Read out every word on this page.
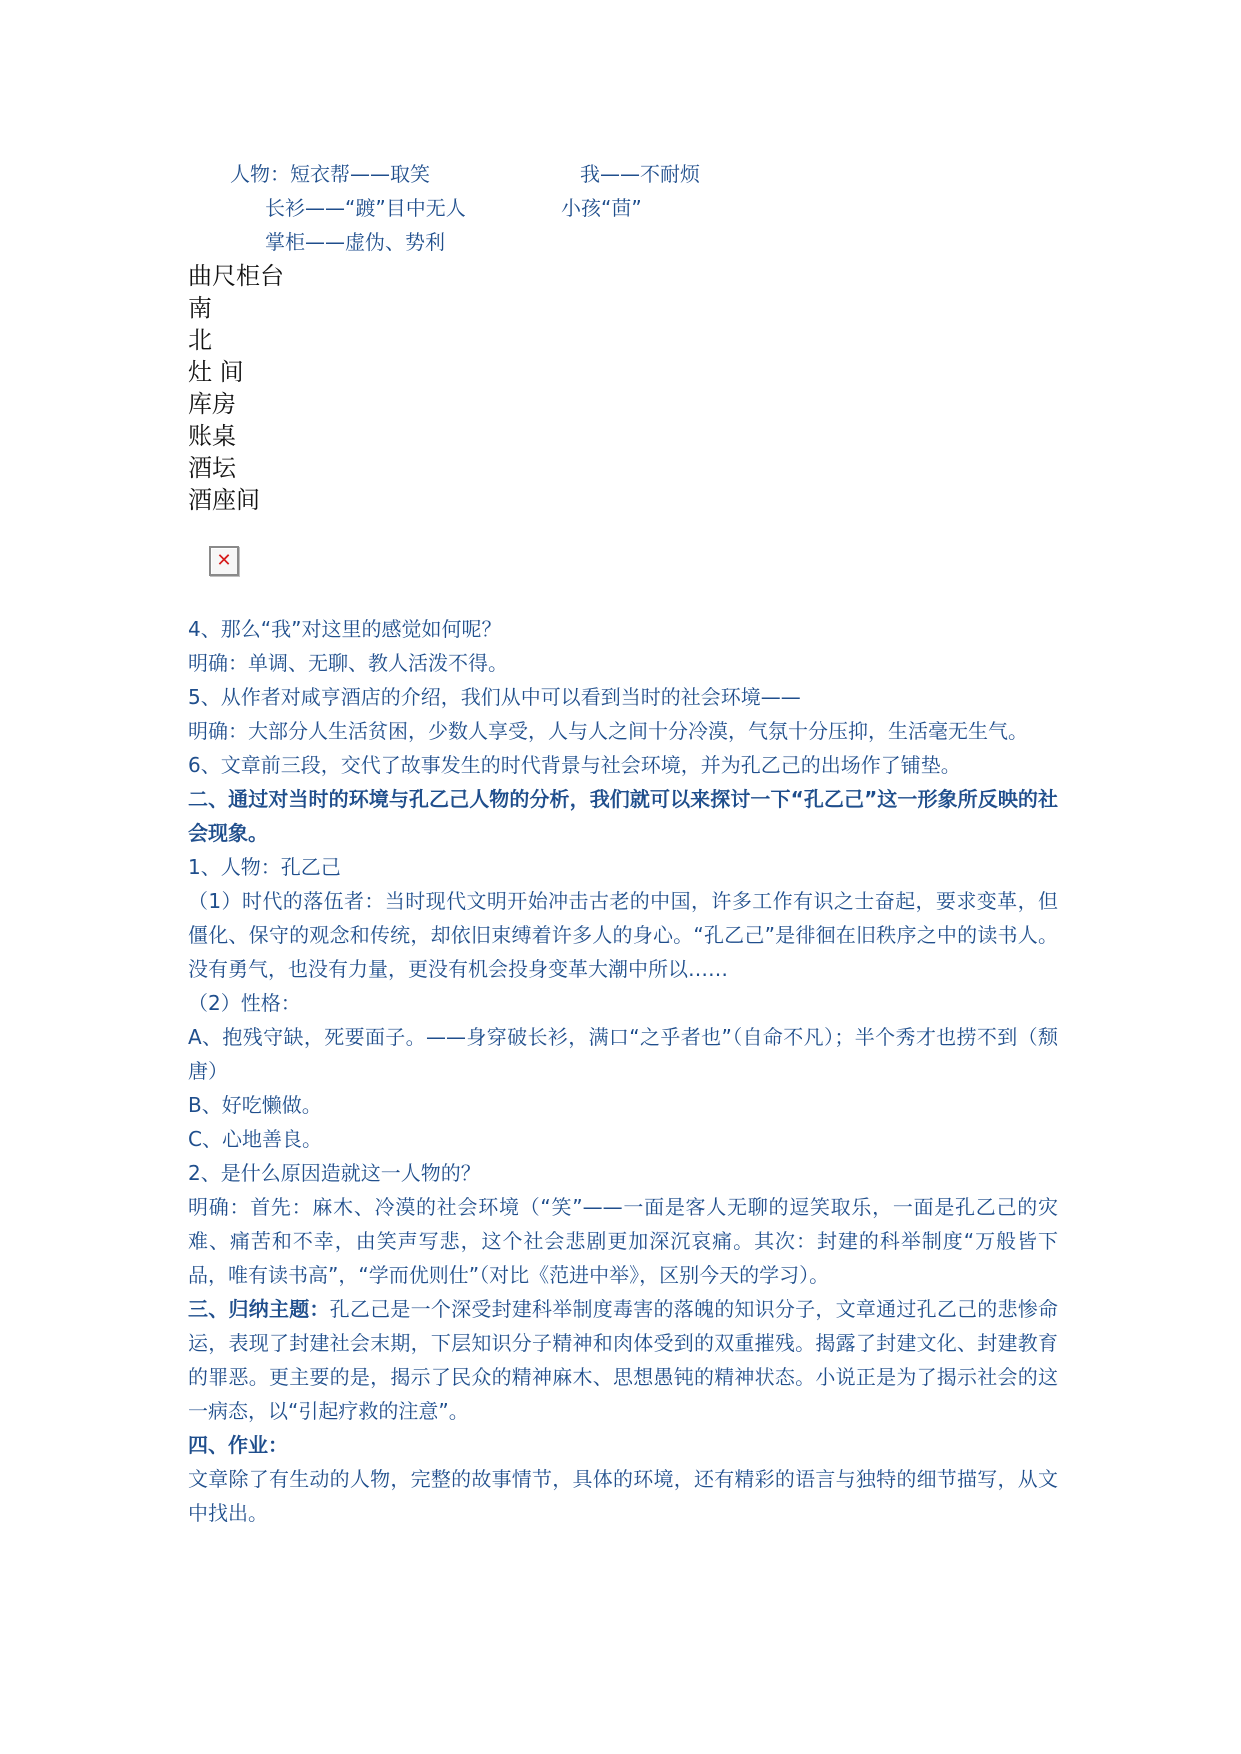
人物：短衣帮——取笑	我——不耐烦
长衫——“踱”目中无人	小孩“茴”
掌柜——虚伪、势利
曲尺柜台
南
北
灶 间
库房
账桌
酒坛
酒座间
✕
4、那么“我”对这里的感觉如何呢？
明确：单调、无聊、教人活泼不得。
5、从作者对咸亨酒店的介绍，我们从中可以看到当时的社会环境——
明确：大部分人生活贫困，少数人享受，人与人之间十分冷漠，气氛十分压抑，生活毫无生气。
6、文章前三段，交代了故事发生的时代背景与社会环境，并为孔乙己的出场作了铺垫。
二、通过对当时的环境与孔乙己人物的分析，我们就可以来探讨一下“孔乙己”这一形象所反映的社会现象。
1、人物：孔乙己
（1）时代的落伍者：当时现代文明开始冲击古老的中国，许多工作有识之士奋起，要求变革，但僵化、保守的观念和传统，却依旧束缚着许多人的身心。“孔乙己”是徘徊在旧秩序之中的读书人。没有勇气，也没有力量，更没有机会投身变革大潮中所以……
（2）性格：
A、抱残守缺，死要面子。——身穿破长衫，满口“之乎者也”（自命不凡）；半个秀才也捞不到（颓唐）
B、好吃懒做。
C、心地善良。
2、是什么原因造就这一人物的？
明确：首先：麻木、冷漠的社会环境（“笑”——一面是客人无聊的逗笑取乐，一面是孔乙己的灾难、痛苦和不幸，由笑声写悲，这个社会悲剧更加深沉哀痛。其次：封建的科举制度“万般皆下品，唯有读书高”，“学而优则仕”（对比《范进中举》，区别今天的学习）。
三、归纳主题：孔乙己是一个深受封建科举制度毒害的落魄的知识分子，文章通过孔乙己的悲惨命运，表现了封建社会末期，下层知识分子精神和肉体受到的双重摧残。揭露了封建文化、封建教育的罪恶。更主要的是，揭示了民众的精神麻木、思想愚钝的精神状态。小说正是为了揭示社会的这一病态，以“引起疗救的注意”。
四、作业：
文章除了有生动的人物，完整的故事情节，具体的环境，还有精彩的语言与独特的细节描写，从文中找出。
